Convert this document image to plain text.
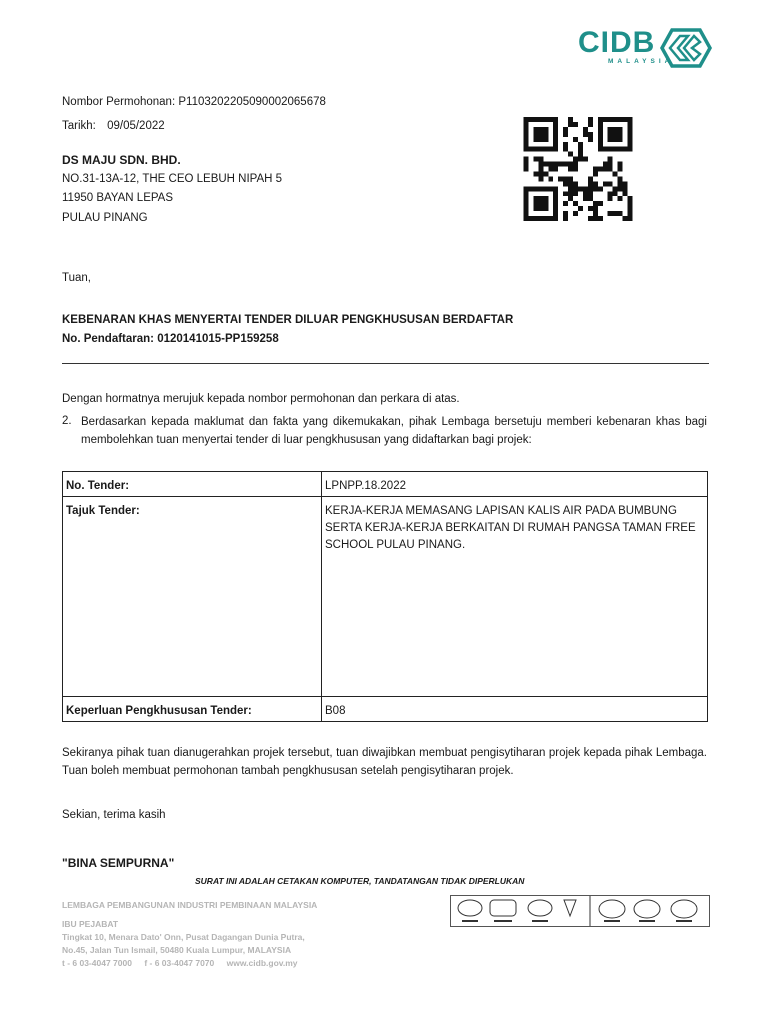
CIDB
MALAYSIA
Nombor Permohonan: P1103202205090002065678
Tarikh: 09/05/2022
DS MAJU SDN. BHD.
NO.31-13A-12, THE CEO LEBUH NIPAH 5
11950 BAYAN LEPAS
PULAU PINANG
Tuan,
KEBENARAN KHAS MENYERTAI TENDER DILUAR PENGKHUSUSAN BERDAFTAR
No. Pendaftaran: 0120141015-PP159258
Dengan hormatnya merujuk kepada nombor permohonan dan perkara di atas.
2. Berdasarkan kepada maklumat dan fakta yang dikemukakan, pihak Lembaga bersetuju memberi kebenaran khas bagi membolehkan tuan menyertai tender di luar pengkhususan yang didaftarkan bagi projek:
No. Tender:	LPNPP.18.2022
Tajuk Tender:	KERJA-KERJA MEMASANG LAPISAN KALIS AIR PADA BUMBUNG SERTA KERJA-KERJA BERKAITAN DI RUMAH PANGSA TAMAN FREE SCHOOL PULAU PINANG.
Keperluan Pengkhususan Tender:	B08
Sekiranya pihak tuan dianugerahkan projek tersebut, tuan diwajibkan membuat pengisytiharan projek kepada pihak Lembaga. Tuan boleh membuat permohonan tambah pengkhususan setelah pengisytiharan projek.
Sekian, terima kasih
"BINA SEMPURNA"
SURAT INI ADALAH CETAKAN KOMPUTER, TANDATANGAN TIDAK DIPERLUKAN
LEMBAGA PEMBANGUNAN INDUSTRI PEMBINAAN MALAYSIA
IBU PEJABAT
Tingkat 10, Menara Dato' Onn, Pusat Dagangan Dunia Putra,
No.45, Jalan Tun Ismail, 50480 Kuala Lumpur, MALAYSIA
t - 6 03-4047 7000 f - 6 03-4047 7070 www.cidb.gov.my
